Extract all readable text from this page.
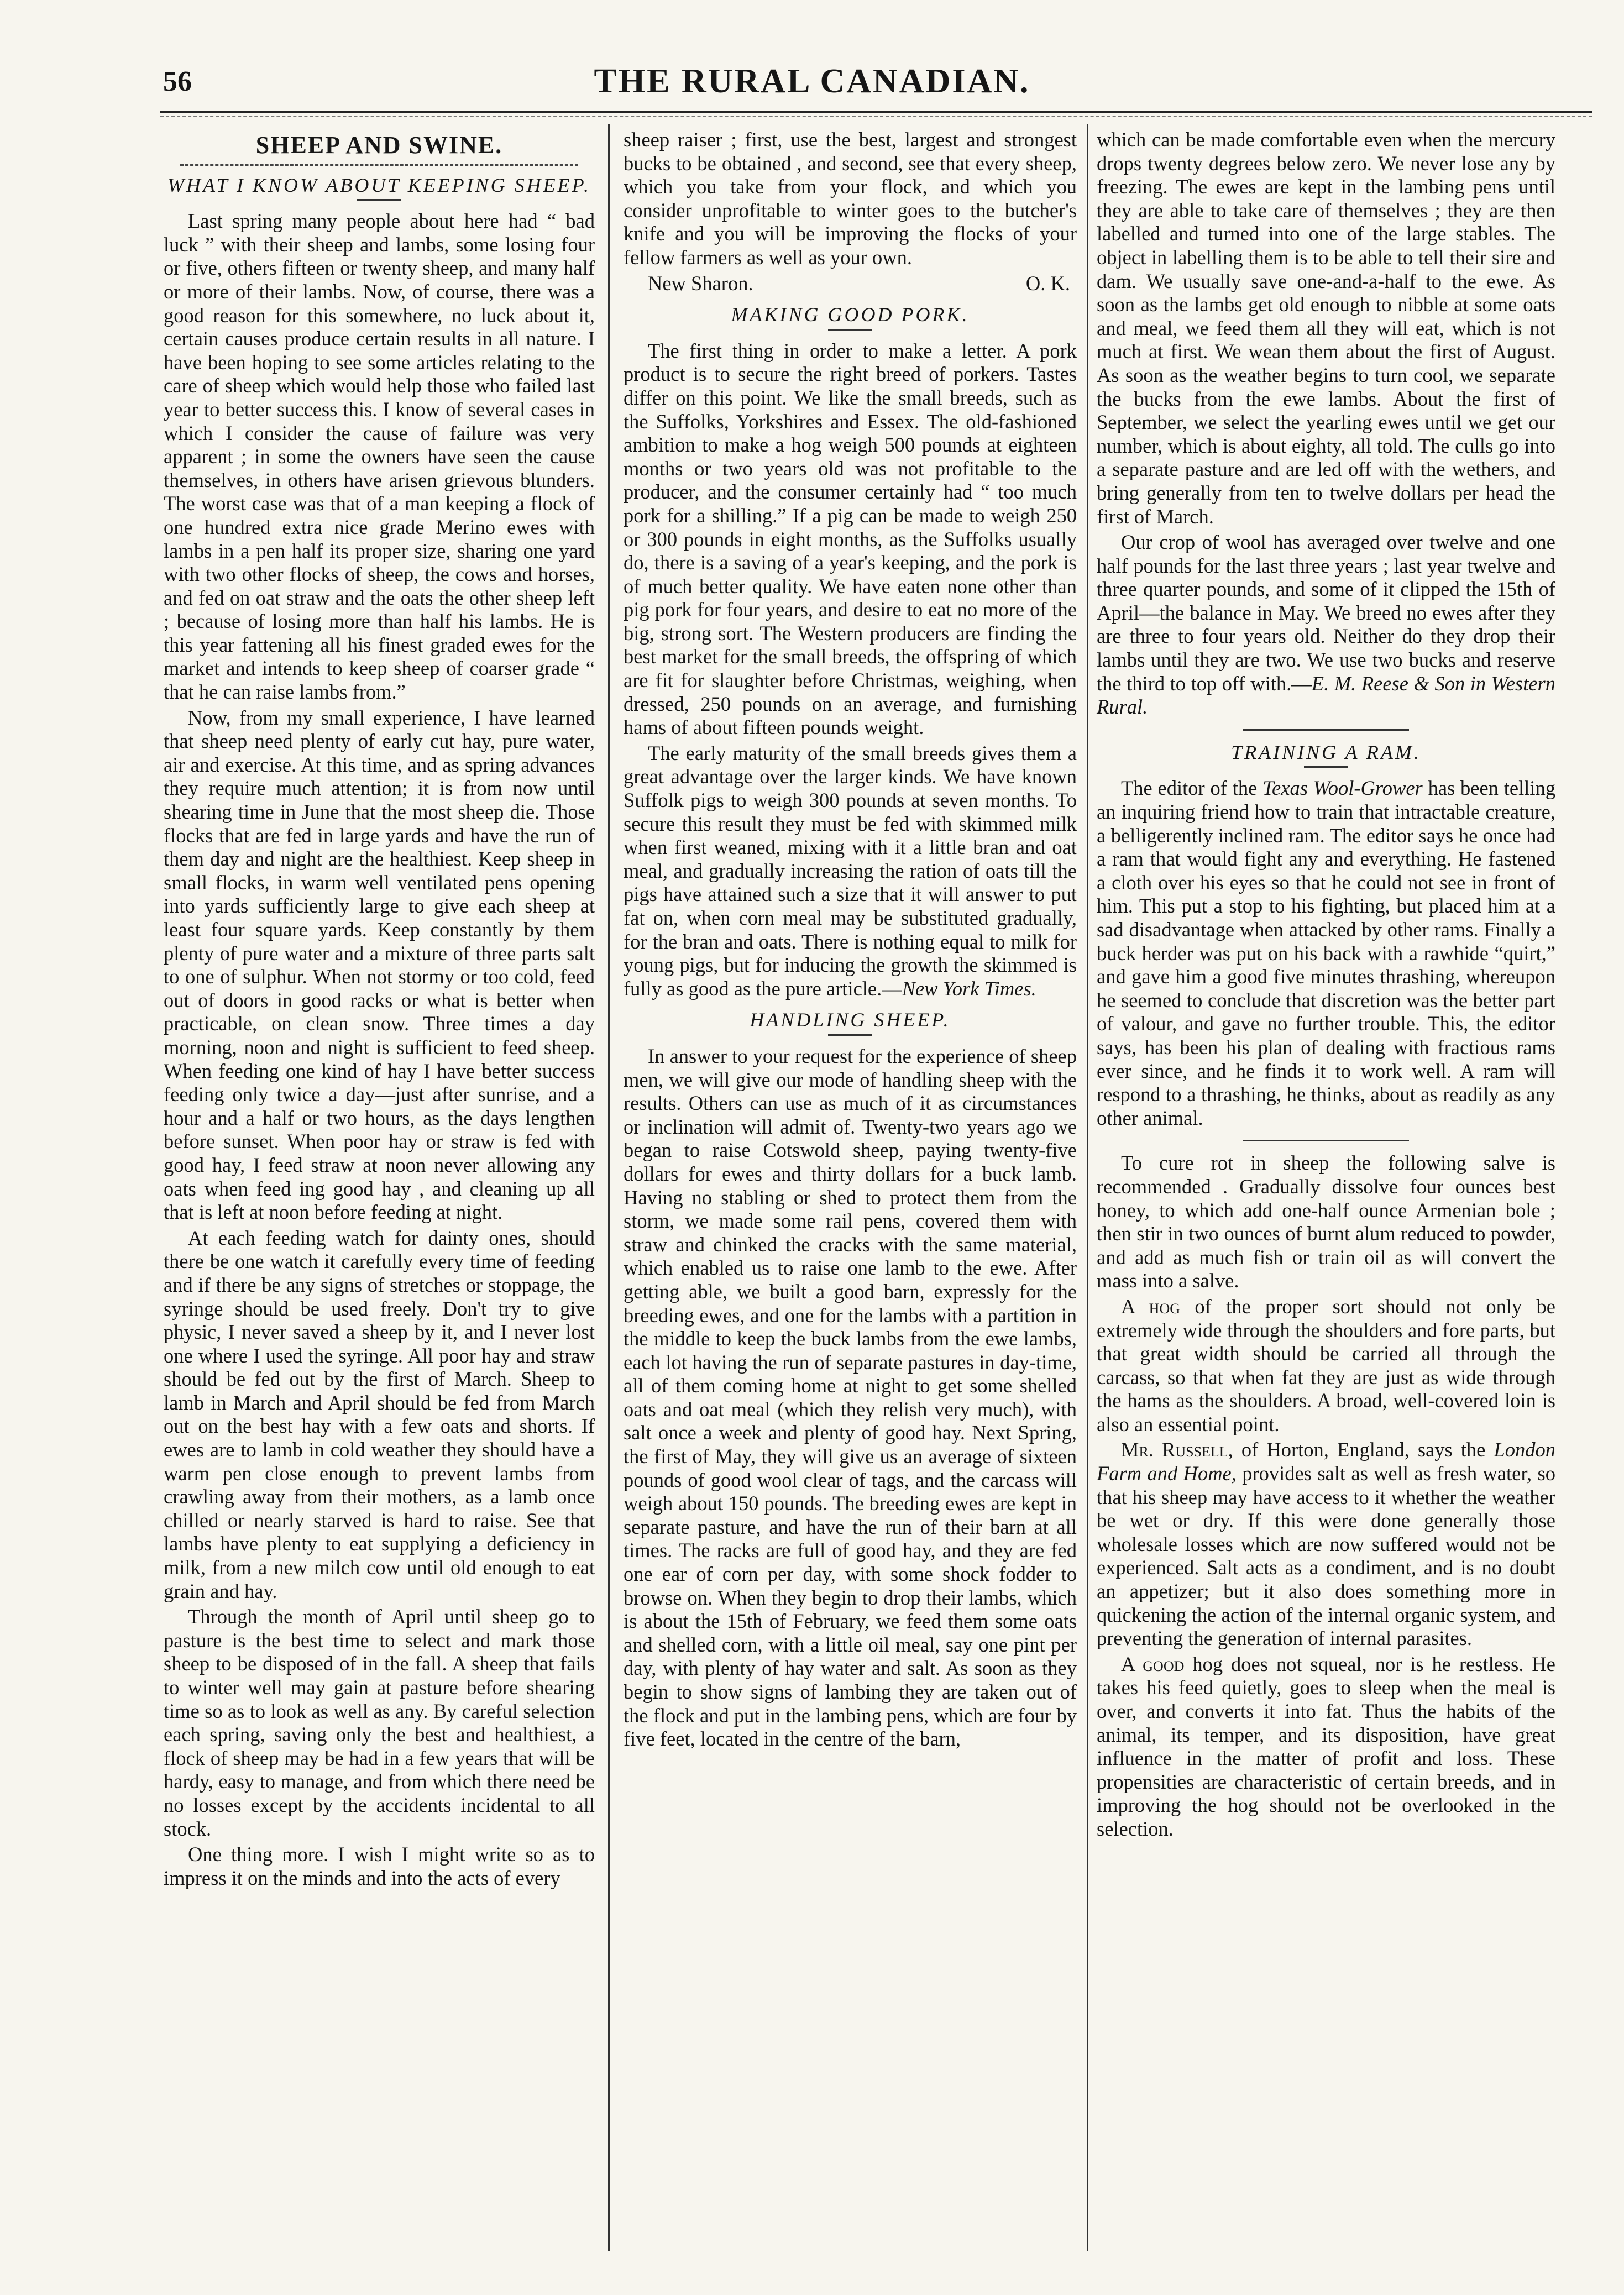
56	THE RURAL CANADIAN.
SHEEP AND SWINE.
WHAT I KNOW ABOUT KEEPING SHEEP.

Last spring many people about here had “ bad luck ” with their sheep and lambs, some losing four or five, others fifteen or twenty sheep, and many half or more of their lambs. Now, of course, there was a good reason for this somewhere, no luck about it, certain causes produce certain results in all nature. I have been hoping to see some articles relating to the care of sheep which would help those who failed last year to better success this. I know of several cases in which I consider the cause of failure was very apparent ; in some the owners have seen the cause themselves, in others have arisen grievous blunders. The worst case was that of a man keeping a flock of one hundred extra nice grade Merino ewes with lambs in a pen half its proper size, sharing one yard with two other flocks of sheep, the cows and horses, and fed on oat straw and the oats the other sheep left ; because of losing more than half his lambs. He is this year fattening all his finest graded ewes for the market and intends to keep sheep of coarser grade “ that he can raise lambs from.”

Now, from my small experience, I have learned that sheep need plenty of early cut hay, pure water, air and exercise. At this time, and as spring advances they require much attention; it is from now until shearing time in June that the most sheep die. Those flocks that are fed in large yards and have the run of them day and night are the healthiest. Keep sheep in small flocks, in warm well ventilated pens opening into yards sufficiently large to give each sheep at least four square yards. Keep constantly by them plenty of pure water and a mixture of three parts salt to one of sulphur. When not stormy or too cold, feed out of doors in good racks or what is better when practicable, on clean snow. Three times a day morning, noon and night is sufficient to feed sheep. When feeding one kind of hay I have better success feeding only twice a day—just after sunrise, and a hour and a half or two hours, as the days lengthen before sunset. When poor hay or straw is fed with good hay, I feed straw at noon never allowing any oats when feed ing good hay , and cleaning up all that is left at noon before feeding at night.

At each feeding watch for dainty ones, should there be one watch it carefully every time of feeding and if there be any signs of stretches or stoppage, the syringe should be used freely. Don't try to give physic, I never saved a sheep by it, and I never lost one where I used the syringe. All poor hay and straw should be fed out by the first of March. Sheep to lamb in March and April should be fed from March out on the best hay with a few oats and shorts. If ewes are to lamb in cold weather they should have a warm pen close enough to prevent lambs from crawling away from their mothers, as a lamb once chilled or nearly starved is hard to raise. See that lambs have plenty to eat supplying a deficiency in milk, from a new milch cow until old enough to eat grain and hay.

Through the month of April until sheep go to pasture is the best time to select and mark those sheep to be disposed of in the fall. A sheep that fails to winter well may gain at pasture before shearing time so as to look as well as any. By careful selection each spring, saving only the best and healthiest, a flock of sheep may be had in a few years that will be hardy, easy to manage, and from which there need be no losses except by the accidents incidental to all stock.

One thing more. I wish I might write so as to impress it on the minds and into the acts of every

sheep raiser ; first, use the best, largest and strongest bucks to be obtained , and second, see that every sheep, which you take from your flock, and which you consider unprofitable to winter goes to the butcher's knife and you will be improving the flocks of your fellow farmers as well as your own.

New Sharon.	O. K.
MAKING GOOD PORK.

The first thing in order to make a letter. A pork product is to secure the right breed of porkers. Tastes differ on this point. We like the small breeds, such as the Suffolks, Yorkshires and Essex. The old-fashioned ambition to make a hog weigh 500 pounds at eighteen months or two years old was not profitable to the producer, and the consumer certainly had “ too much pork for a shilling.” If a pig can be made to weigh 250 or 300 pounds in eight months, as the Suffolks usually do, there is a saving of a year's keeping, and the pork is of much better quality. We have eaten none other than pig pork for four years, and desire to eat no more of the big, strong sort. The Western producers are finding the best market for the small breeds, the offspring of which are fit for slaughter before Christmas, weighing, when dressed, 250 pounds on an average, and furnishing hams of about fifteen pounds weight.

The early maturity of the small breeds gives them a great advantage over the larger kinds. We have known Suffolk pigs to weigh 300 pounds at seven months. To secure this result they must be fed with skimmed milk when first weaned, mixing with it a little bran and oat meal, and gradually increasing the ration of oats till the pigs have attained such a size that it will answer to put fat on, when corn meal may be substituted gradually, for the bran and oats. There is nothing equal to milk for young pigs, but for inducing the growth the skimmed is fully as good as the pure article.—New York Times.

HANDLING SHEEP.

In answer to your request for the experience of sheep men, we will give our mode of handling sheep with the results. Others can use as much of it as circumstances or inclination will admit of. Twenty-two years ago we began to raise Cotswold sheep, paying twenty-five dollars for ewes and thirty dollars for a buck lamb. Having no stabling or shed to protect them from the storm, we made some rail pens, covered them with straw and chinked the cracks with the same material, which enabled us to raise one lamb to the ewe. After getting able, we built a good barn, expressly for the breeding ewes, and one for the lambs with a partition in the middle to keep the buck lambs from the ewe lambs, each lot having the run of separate pastures in day-time, all of them coming home at night to get some shelled oats and oat meal (which they relish very much), with salt once a week and plenty of good hay. Next Spring, the first of May, they will give us an average of sixteen pounds of good wool clear of tags, and the carcass will weigh about 150 pounds. The breeding ewes are kept in separate pasture, and have the run of their barn at all times. The racks are full of good hay, and they are fed one ear of corn per day, with some shock fodder to browse on. When they begin to drop their lambs, which is about the 15th of February, we feed them some oats and shelled corn, with a little oil meal, say one pint per day, with plenty of hay water and salt. As soon as they begin to show signs of lambing they are taken out of the flock and put in the lambing pens, which are four by five feet, located in the centre of the barn,

which can be made comfortable even when the mercury drops twenty degrees below zero. We never lose any by freezing. The ewes are kept in the lambing pens until they are able to take care of themselves ; they are then labelled and turned into one of the large stables. The object in labelling them is to be able to tell their sire and dam. We usually save one-and-a-half to the ewe. As soon as the lambs get old enough to nibble at some oats and meal, we feed them all they will eat, which is not much at first. We wean them about the first of August. As soon as the weather begins to turn cool, we separate the bucks from the ewe lambs. About the first of September, we select the yearling ewes until we get our number, which is about eighty, all told. The culls go into a separate pasture and are led off with the wethers, and bring generally from ten to twelve dollars per head the first of March.

Our crop of wool has averaged over twelve and one half pounds for the last three years ; last year twelve and three quarter pounds, and some of it clipped the 15th of April—the balance in May. We breed no ewes after they are three to four years old. Neither do they drop their lambs until they are two. We use two bucks and reserve the third to top off with.—E. M. Reese & Son in Western Rural.

TRAINING A RAM.

The editor of the Texas Wool-Grower has been telling an inquiring friend how to train that intractable creature, a belligerently inclined ram. The editor says he once had a ram that would fight any and everything. He fastened a cloth over his eyes so that he could not see in front of him. This put a stop to his fighting, but placed him at a sad disadvantage when attacked by other rams. Finally a buck herder was put on his back with a rawhide “quirt,” and gave him a good five minutes thrashing, whereupon he seemed to conclude that discretion was the better part of valour, and gave no further trouble. This, the editor says, has been his plan of dealing with fractious rams ever since, and he finds it to work well. A ram will respond to a thrashing, he thinks, about as readily as any other animal.

To cure rot in sheep the following salve is recommended . Gradually dissolve four ounces best honey, to which add one-half ounce Armenian bole ; then stir in two ounces of burnt alum reduced to powder, and add as much fish or train oil as will convert the mass into a salve.

A hog of the proper sort should not only be extremely wide through the shoulders and fore parts, but that great width should be carried all through the carcass, so that when fat they are just as wide through the hams as the shoulders. A broad, well-covered loin is also an essential point.

Mr. Russell, of Horton, England, says the London Farm and Home, provides salt as well as fresh water, so that his sheep may have access to it whether the weather be wet or dry. If this were done generally those wholesale losses which are now suffered would not be experienced. Salt acts as a condiment, and is no doubt an appetizer; but it also does something more in quickening the action of the internal organic system, and preventing the generation of internal parasites.

A good hog does not squeal, nor is he restless. He takes his feed quietly, goes to sleep when the meal is over, and converts it into fat. Thus the habits of the animal, its temper, and its disposition, have great influence in the matter of profit and loss. These propensities are characteristic of certain breeds, and in improving the hog should not be overlooked in the selection.
